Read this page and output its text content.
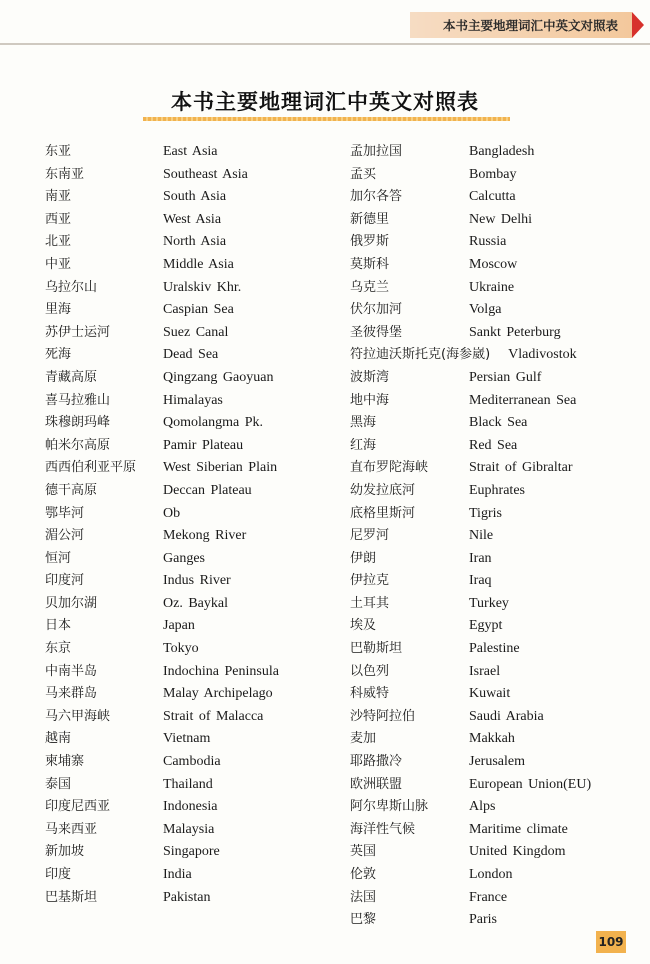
本书主要地理词汇中英文对照表
本书主要地理词汇中英文对照表
东亚	East Asia
东南亚	Southeast Asia
南亚	South Asia
西亚	West Asia
北亚	North Asia
中亚	Middle Asia
乌拉尔山	Uralskiv Khr.
里海	Caspian Sea
苏伊士运河	Suez Canal
死海	Dead Sea
青藏高原	Qingzang Gaoyuan
喜马拉雅山	Himalayas
珠穆朗玛峰	Qomolangma Pk.
帕米尔高原	Pamir Plateau
西西伯利亚平原 West Siberian Plain
德干高原	Deccan Plateau
鄂毕河	Ob
湄公河	Mekong River
恒河	Ganges
印度河	Indus River
贝加尔湖	Oz. Baykal
日本	Japan
东京	Tokyo
中南半岛	Indochina Peninsula
马来群岛	Malay Archipelago
马六甲海峡	Strait of Malacca
越南	Vietnam
柬埔寨	Cambodia
泰国	Thailand
印度尼西亚	Indonesia
马来西亚	Malaysia
新加坡	Singapore
印度	India
巴基斯坦	Pakistan
孟加拉国	Bangladesh
孟买	Bombay
加尔各答	Calcutta
新德里	New Delhi
俄罗斯	Russia
莫斯科	Moscow
乌克兰	Ukraine
伏尔加河	Volga
圣彼得堡	Sankt Peterburg
符拉迪沃斯托克(海参崴) Vladivostok
波斯湾	Persian Gulf
地中海	Mediterranean Sea
黑海	Black Sea
红海	Red Sea
直布罗陀海峡	Strait of Gibraltar
幼发拉底河	Euphrates
底格里斯河	Tigris
尼罗河	Nile
伊朗	Iran
伊拉克	Iraq
土耳其	Turkey
埃及	Egypt
巴勒斯坦	Palestine
以色列	Israel
科威特	Kuwait
沙特阿拉伯	Saudi Arabia
麦加	Makkah
耶路撒冷	Jerusalem
欧洲联盟	European Union(EU)
阿尔卑斯山脉	Alps
海洋性气候	Maritime climate
英国	United Kingdom
伦敦	London
法国	France
巴黎	Paris
109
